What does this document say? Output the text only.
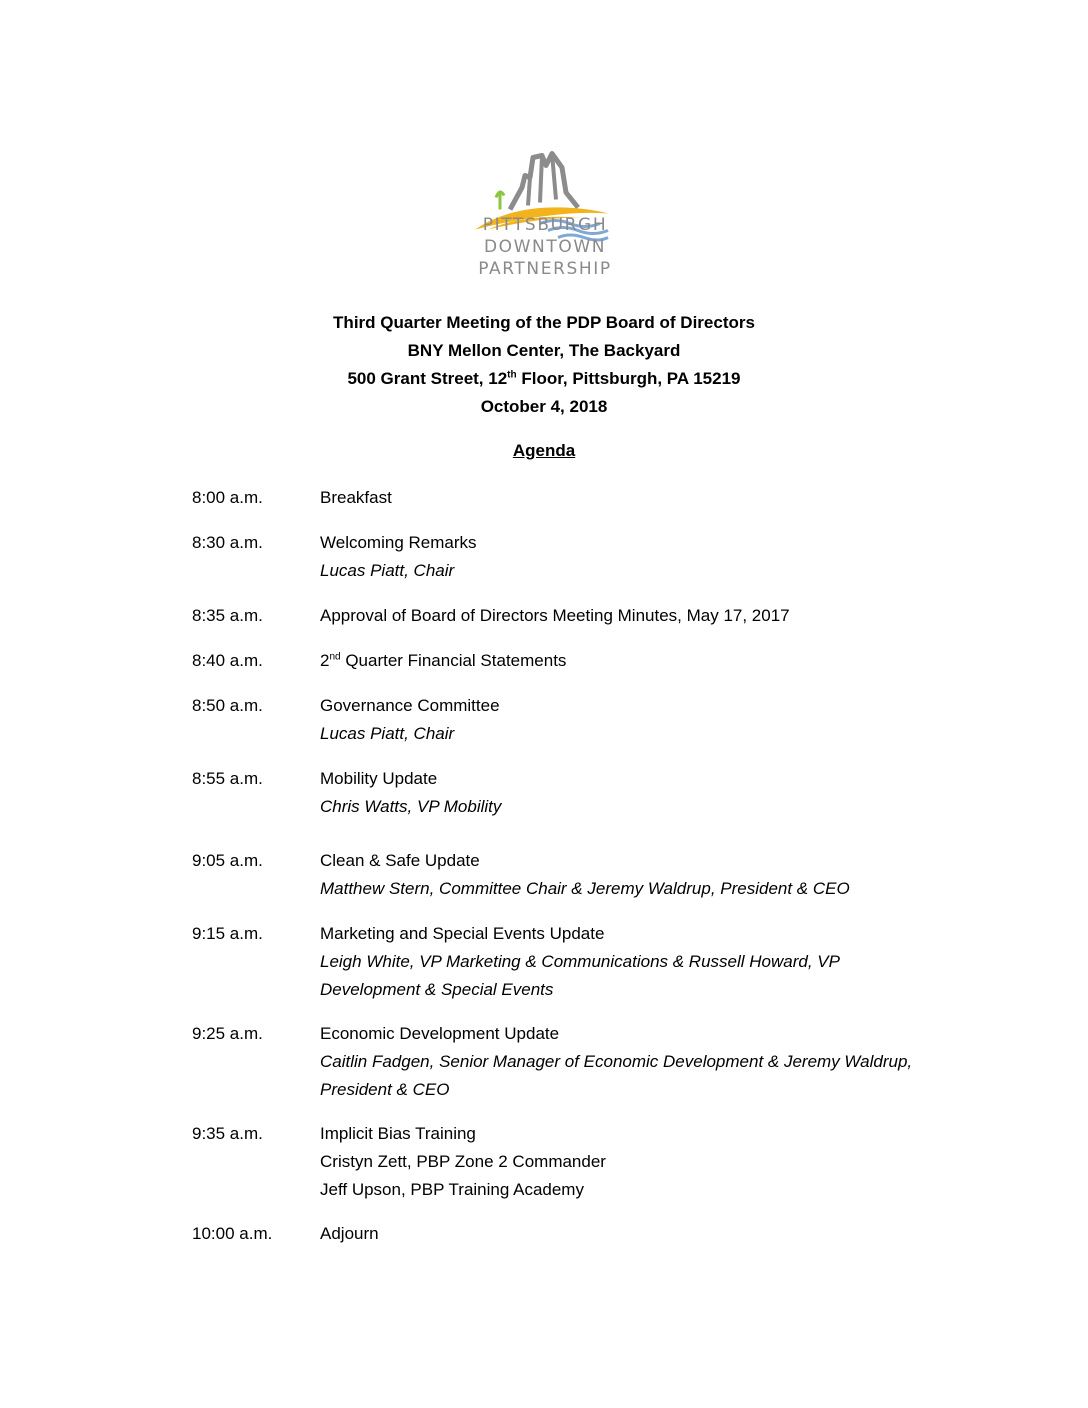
PITTSBURGH
DOWNTOWN
PARTNERSHIP
Third Quarter Meeting of the PDP Board of Directors
BNY Mellon Center, The Backyard
500 Grant Street, 12th Floor, Pittsburgh, PA 15219
October 4, 2018
Agenda
8:00 a.m.	Breakfast
8:30 a.m.	Welcoming Remarks
Lucas Piatt, Chair
8:35 a.m.	Approval of Board of Directors Meeting Minutes, May 17, 2017
8:40 a.m.	2nd Quarter Financial Statements
8:50 a.m.	Governance Committee
Lucas Piatt, Chair
8:55 a.m.	Mobility Update
Chris Watts, VP Mobility
9:05 a.m.	Clean & Safe Update
Matthew Stern, Committee Chair & Jeremy Waldrup, President & CEO
9:15 a.m.	Marketing and Special Events Update
Leigh White, VP Marketing & Communications & Russell Howard, VP
Development & Special Events
9:25 a.m.	Economic Development Update
Caitlin Fadgen, Senior Manager of Economic Development & Jeremy Waldrup,
President & CEO
9:35 a.m.	Implicit Bias Training
Cristyn Zett, PBP Zone 2 Commander
Jeff Upson, PBP Training Academy
10:00 a.m.	Adjourn
